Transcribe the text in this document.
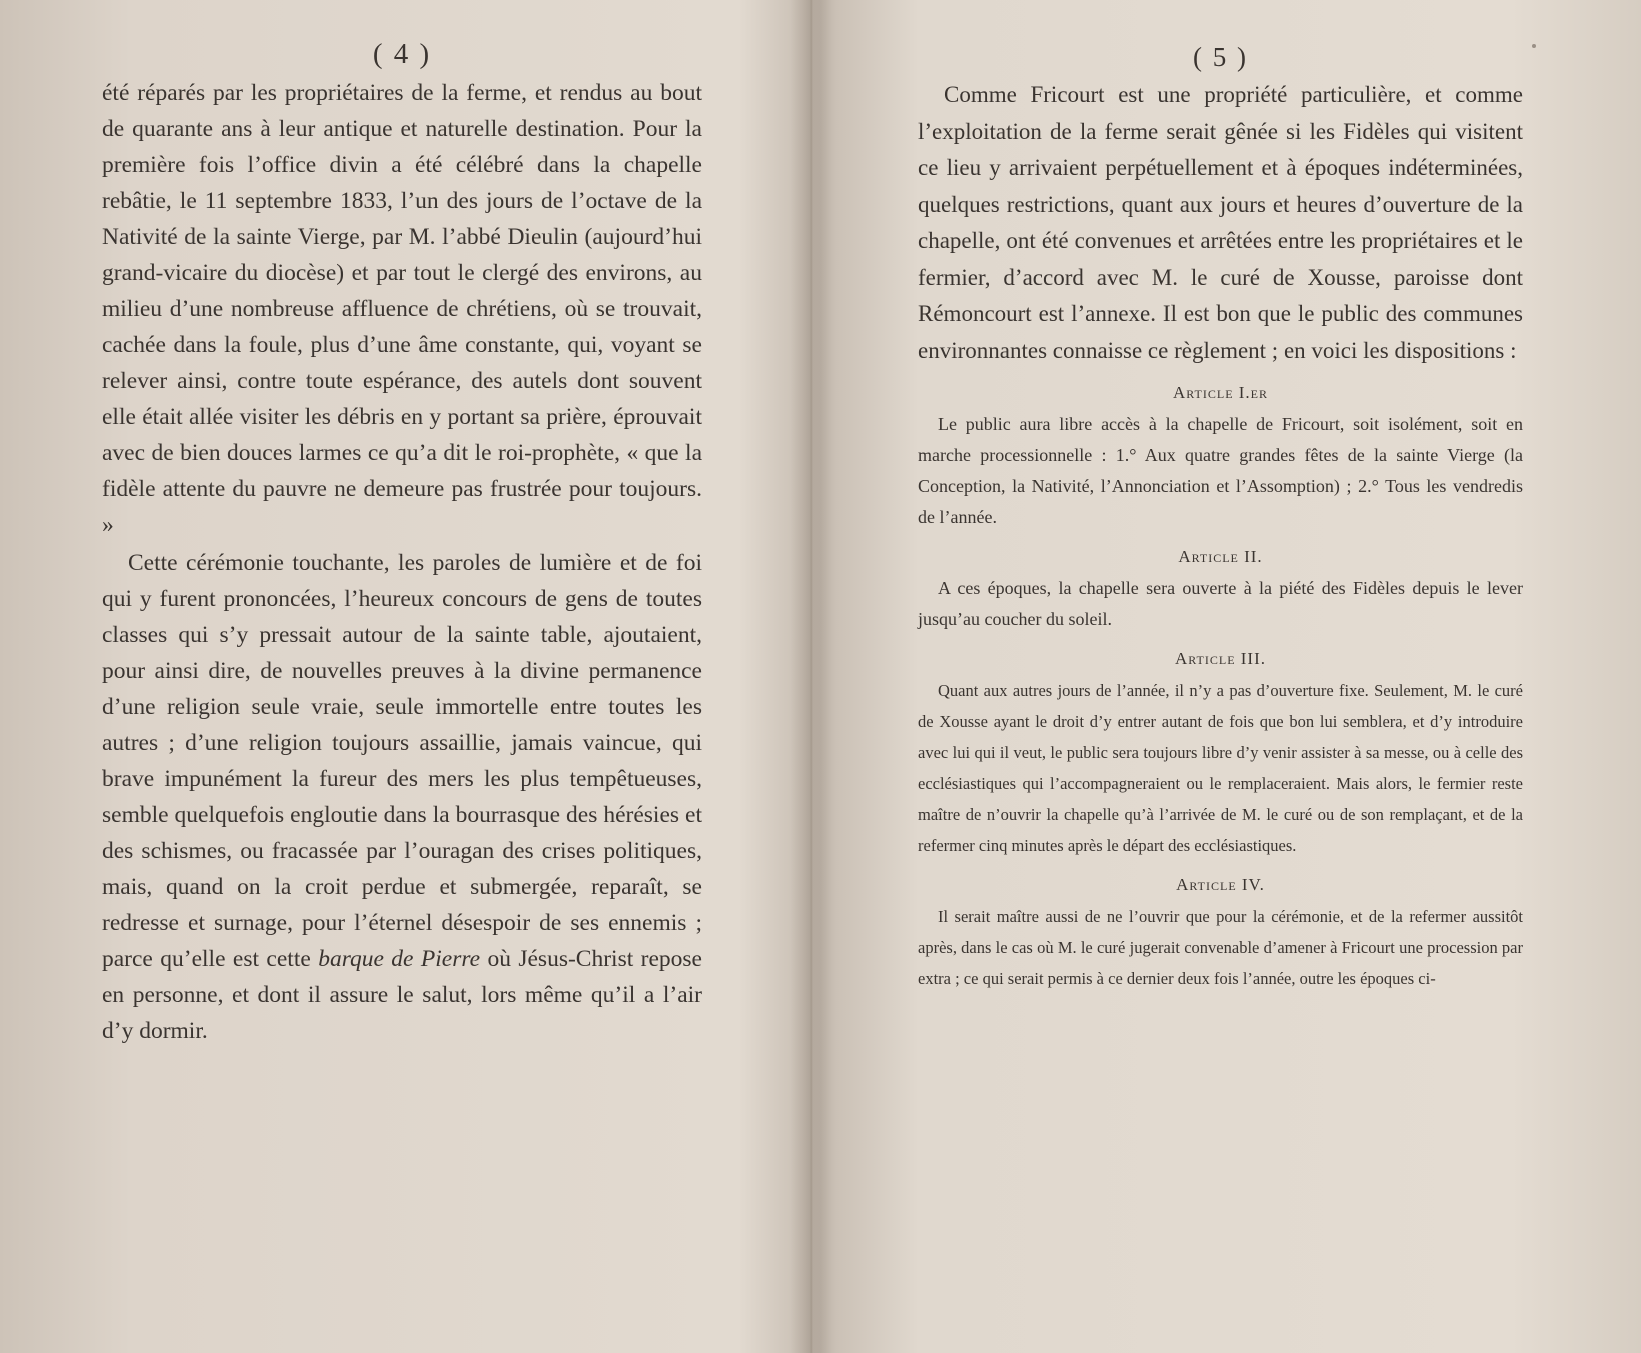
( 4 )

été réparés par les propriétaires de la ferme, et rendus au bout de quarante ans à leur antique et naturelle destination. Pour la première fois l’office divin a été célébré dans la chapelle rebâtie, le 11 septembre 1833, l’un des jours de l’octave de la Nativité de la sainte Vierge, par M. l’abbé Dieulin (aujourd’hui grand-vicaire du diocèse) et par tout le clergé des environs, au milieu d’une nombreuse affluence de chrétiens, où se trouvait, cachée dans la foule, plus d’une âme constante, qui, voyant se relever ainsi, contre toute espérance, des autels dont souvent elle était allée visiter les débris en y portant sa prière, éprouvait avec de bien douces larmes ce qu’a dit le roi-prophète, « que la fidèle attente du pauvre ne demeure pas frustrée pour toujours. »

Cette cérémonie touchante, les paroles de lumière et de foi qui y furent prononcées, l’heureux concours de gens de toutes classes qui s’y pressait autour de la sainte table, ajoutaient, pour ainsi dire, de nouvelles preuves à la divine permanence d’une religion seule vraie, seule immortelle entre toutes les autres ; d’une religion toujours assaillie, jamais vaincue, qui brave impunément la fureur des mers les plus tempêtueuses, semble quelquefois engloutie dans la bourrasque des hérésies et des schismes, ou fracassée par l’ouragan des crises politiques, mais, quand on la croit perdue et submergée, reparaît, se redresse et surnage, pour l’éternel désespoir de ses ennemis ; parce qu’elle est cette barque de Pierre où Jésus-Christ repose en personne, et dont il assure le salut, lors même qu’il a l’air d’y dormir.

( 5 )

Comme Fricourt est une propriété particulière, et comme l’exploitation de la ferme serait gênée si les Fidèles qui visitent ce lieu y arrivaient perpétuellement et à époques indéterminées, quelques restrictions, quant aux jours et heures d’ouverture de la chapelle, ont été convenues et arrêtées entre les propriétaires et le fermier, d’accord avec M. le curé de Xousse, paroisse dont Rémoncourt est l’annexe. Il est bon que le public des communes environnantes connaisse ce règlement ; en voici les dispositions :

Article I.er

Le public aura libre accès à la chapelle de Fricourt, soit isolément, soit en marche processionnelle : 1.° Aux quatre grandes fêtes de la sainte Vierge (la Conception, la Nativité, l’Annonciation et l’Assomption) ; 2.° Tous les vendredis de l’année.

Article II.

A ces époques, la chapelle sera ouverte à la piété des Fidèles depuis le lever jusqu’au coucher du soleil.

Article III.

Quant aux autres jours de l’année, il n’y a pas d’ouverture fixe. Seulement, M. le curé de Xousse ayant le droit d’y entrer autant de fois que bon lui semblera, et d’y introduire avec lui qui il veut, le public sera toujours libre d’y venir assister à sa messe, ou à celle des ecclésiastiques qui l’accompagneraient ou le remplaceraient. Mais alors, le fermier reste maître de n’ouvrir la chapelle qu’à l’arrivée de M. le curé ou de son remplaçant, et de la refermer cinq minutes après le départ des ecclésiastiques.

Article IV.

Il serait maître aussi de ne l’ouvrir que pour la cérémonie, et de la refermer aussitôt après, dans le cas où M. le curé jugerait convenable d’amener à Fricourt une procession par extra ; ce qui serait permis à ce dernier deux fois l’année, outre les époques ci-
